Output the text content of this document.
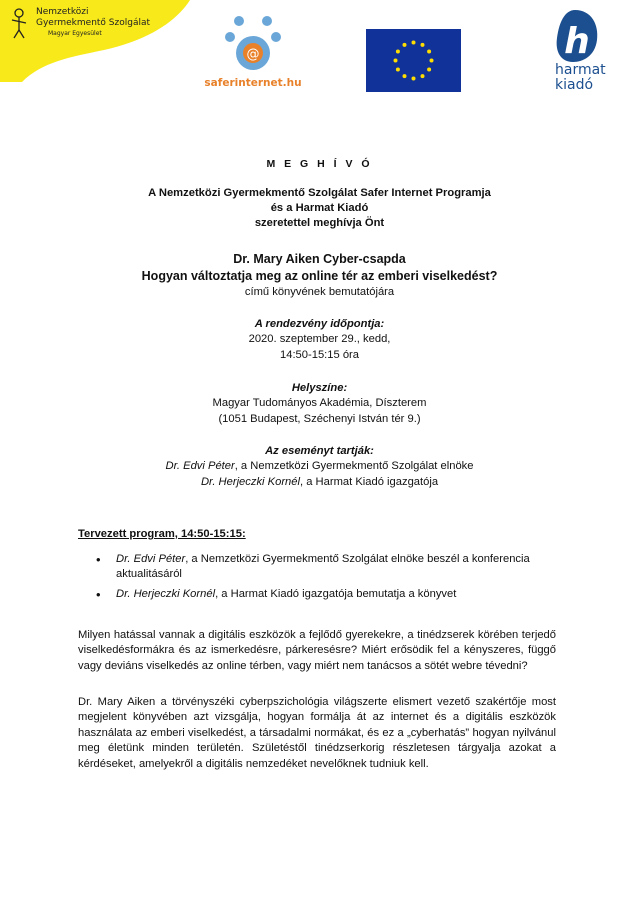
Nemzetközi
Gyermekmentő Szolgálat
Magyar Egyesület
@
saferinternet.hu
h
harmat
kiadó
M E G H Í V Ó
A Nemzetközi Gyermekmentő Szolgálat Safer Internet Programja
és a Harmat Kiadó
szeretettel meghívja Önt
Dr. Mary Aiken Cyber-csapda
Hogyan változtatja meg az online tér az emberi viselkedést?
című könyvének bemutatójára
A rendezvény időpontja:
2020. szeptember 29., kedd,
14:50-15:15 óra
Helyszíne:
Magyar Tudományos Akadémia, Díszterem
(1051 Budapest, Széchenyi István tér 9.)
Az eseményt tartják:
Dr. Edvi Péter, a Nemzetközi Gyermekmentő Szolgálat elnöke
Dr. Herjeczki Kornél, a Harmat Kiadó igazgatója
Tervezett program, 14:50-15:15:
• Dr. Edvi Péter, a Nemzetközi Gyermekmentő Szolgálat elnöke beszél a konferencia aktualitásáról
• Dr. Herjeczki Kornél, a Harmat Kiadó igazgatója bemutatja a könyvet

Milyen hatással vannak a digitális eszközök a fejlődő gyerekekre, a tinédzserek körében terjedő viselkedésformákra és az ismerkedésre, párkeresésre? Miért erősödik fel a kényszeres, függő vagy deviáns viselkedés az online térben, vagy miért nem tanácsos a sötét webre tévedni?

Dr. Mary Aiken a törvényszéki cyberpszichológia világszerte elismert vezető szakértője most megjelent könyvében azt vizsgálja, hogyan formálja át az internet és a digitális eszközök használata az emberi viselkedést, a társadalmi normákat, és ez a „cyberhatás” hogyan nyilvánul meg életünk minden területén. Születéstől tinédzserkorig részletesen tárgyalja azokat a kérdéseket, amelyekről a digitális nemzedéket nevelőknek tudniuk kell.
